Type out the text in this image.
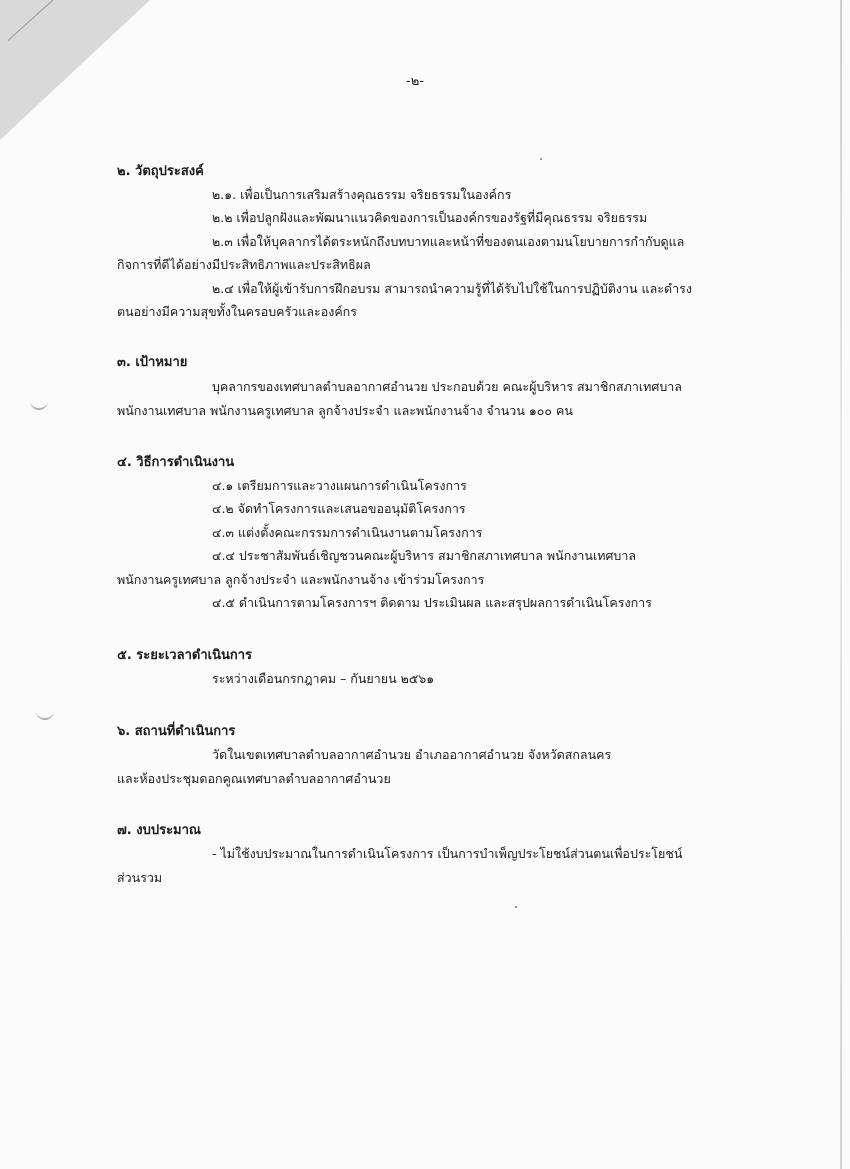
-๒-
๒. วัตถุประสงค์
๒.๑. เพื่อเป็นการเสริมสร้างคุณธรรม จริยธรรมในองค์กร
๒.๒ เพื่อปลูกฝังและพัฒนาแนวคิดของการเป็นองค์กรของรัฐที่มีคุณธรรม จริยธรรม
๒.๓ เพื่อให้บุคลากรได้ตระหนักถึงบทบาทและหน้าที่ของตนเองตามนโยบายการกำกับดูแล
กิจการที่ดีได้อย่างมีประสิทธิภาพและประสิทธิผล
๒.๔ เพื่อให้ผู้เข้ารับการฝึกอบรม สามารถนำความรู้ที่ได้รับไปใช้ในการปฏิบัติงาน และดำรง
ตนอย่างมีความสุขทั้งในครอบครัวและองค์กร
๓. เป้าหมาย
บุคลากรของเทศบาลตำบลอากาศอำนวย ประกอบด้วย คณะผู้บริหาร สมาชิกสภาเทศบาล
พนักงานเทศบาล พนักงานครูเทศบาล ลูกจ้างประจำ และพนักงานจ้าง จำนวน ๑๐๐ คน
๔. วิธีการดำเนินงาน
๔.๑ เตรียมการและวางแผนการดำเนินโครงการ
๔.๒ จัดทำโครงการและเสนอขออนุมัติโครงการ
๔.๓ แต่งตั้งคณะกรรมการดำเนินงานตามโครงการ
๔.๔ ประชาสัมพันธ์เชิญชวนคณะผู้บริหาร สมาชิกสภาเทศบาล พนักงานเทศบาล
พนักงานครูเทศบาล ลูกจ้างประจำ และพนักงานจ้าง เข้าร่วมโครงการ
๔.๕ ดำเนินการตามโครงการฯ ติดตาม ประเมินผล และสรุปผลการดำเนินโครงการ
๕. ระยะเวลาดำเนินการ
ระหว่างเดือนกรกฎาคม – กันยายน ๒๕๖๑
๖. สถานที่ดำเนินการ
วัดในเขตเทศบาลตำบลอากาศอำนวย อำเภออากาศอำนวย จังหวัดสกลนคร
และห้องประชุมดอกคูณเทศบาลตำบลอากาศอำนวย
๗. งบประมาณ
- ไม่ใช้งบประมาณในการดำเนินโครงการ เป็นการบำเพ็ญประโยชน์ส่วนตนเพื่อประโยชน์
ส่วนรวม
